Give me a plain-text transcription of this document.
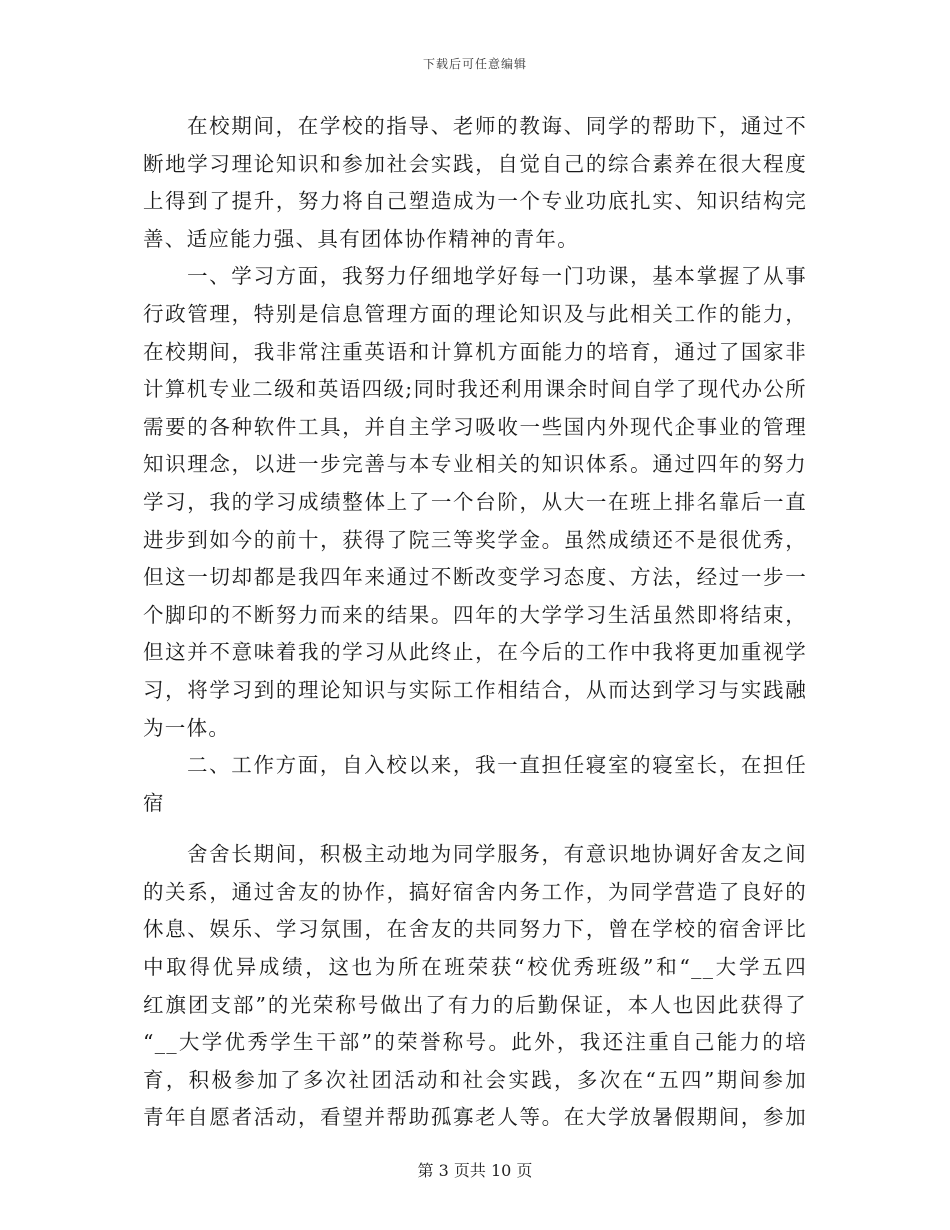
下载后可任意编辑
在校期间，在学校的指导、老师的教诲、同学的帮助下，通过不
断地学习理论知识和参加社会实践，自觉自己的综合素养在很大程度
上得到了提升，努力将自己塑造成为一个专业功底扎实、知识结构完
善、适应能力强、具有团体协作精神的青年。
一、学习方面，我努力仔细地学好每一门功课，基本掌握了从事
行政管理，特别是信息管理方面的理论知识及与此相关工作的能力，
在校期间，我非常注重英语和计算机方面能力的培育，通过了国家非
计算机专业二级和英语四级;同时我还利用课余时间自学了现代办公所
需要的各种软件工具，并自主学习吸收一些国内外现代企事业的管理
知识理念，以进一步完善与本专业相关的知识体系。通过四年的努力
学习，我的学习成绩整体上了一个台阶，从大一在班上排名靠后一直
进步到如今的前十，获得了院三等奖学金。虽然成绩还不是很优秀，
但这一切却都是我四年来通过不断改变学习态度、方法，经过一步一
个脚印的不断努力而来的结果。四年的大学学习生活虽然即将结束，
但这并不意味着我的学习从此终止，在今后的工作中我将更加重视学
习，将学习到的理论知识与实际工作相结合，从而达到学习与实践融
为一体。
二、工作方面，自入校以来，我一直担任寝室的寝室长，在担任
宿
舍舍长期间，积极主动地为同学服务，有意识地协调好舍友之间
的关系，通过舍友的协作，搞好宿舍内务工作，为同学营造了良好的
休息、娱乐、学习氛围，在舍友的共同努力下，曾在学校的宿舍评比
中取得优异成绩，这也为所在班荣获“校优秀班级”和“__大学五四
红旗团支部”的光荣称号做出了有力的后勤保证，本人也因此获得了
“__大学优秀学生干部”的荣誉称号。此外，我还注重自己能力的培
育，积极参加了多次社团活动和社会实践，多次在“五四”期间参加
青年自愿者活动，看望并帮助孤寡老人等。在大学放暑假期间，参加
第 3 页共 10 页
